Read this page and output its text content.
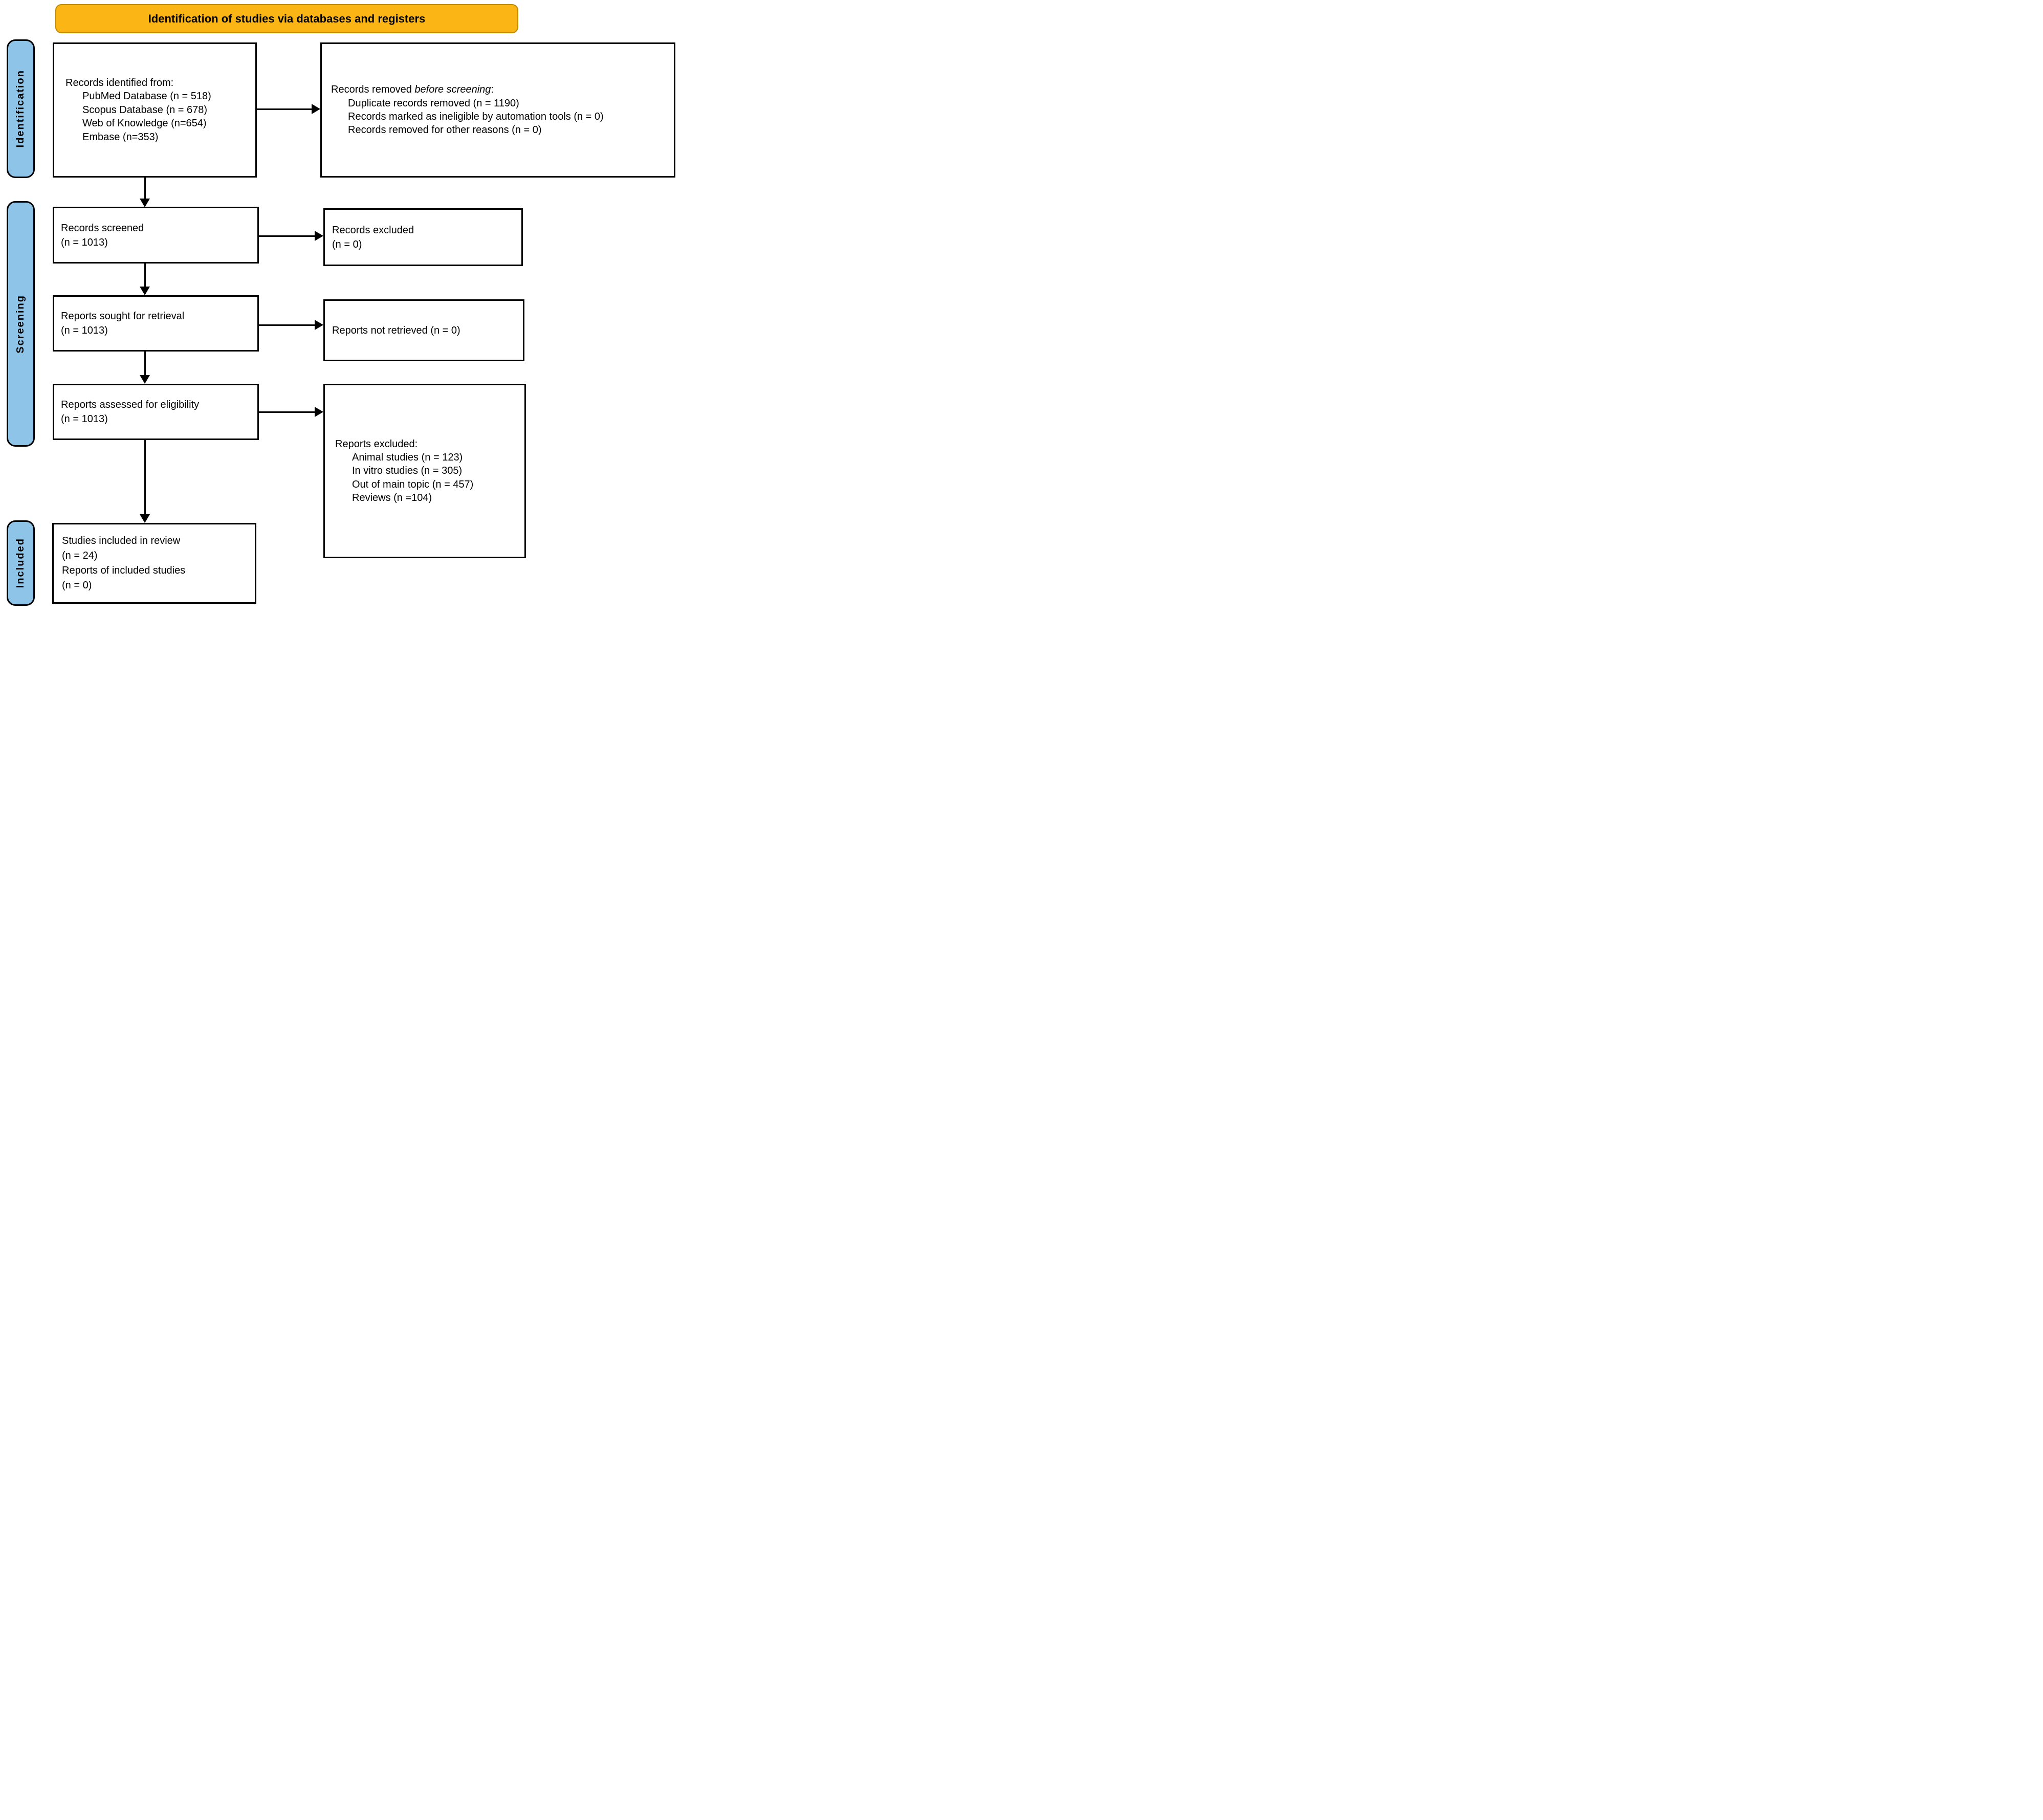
Identification of studies via databases and registers
Identification
Screening
Included
Records identified from:
PubMed Database (n = 518)
Scopus Database (n = 678)
Web of Knowledge (n=654)
Embase (n=353)
Records removed before screening:
Duplicate records removed (n = 1190)
Records marked as ineligible by automation tools (n = 0)
Records removed for other reasons (n = 0)
Records screened
(n = 1013)
Records excluded
(n = 0)
Reports sought for retrieval
(n = 1013)	Reports not retrieved (n = 0)
Reports assessed for eligibility
(n = 1013)
Reports excluded:
Animal studies (n = 123)
In vitro studies (n = 305)
Out of main topic (n = 457)
Reviews (n =104)
Studies included in review
(n = 24)
Reports of included studies
(n = 0)
